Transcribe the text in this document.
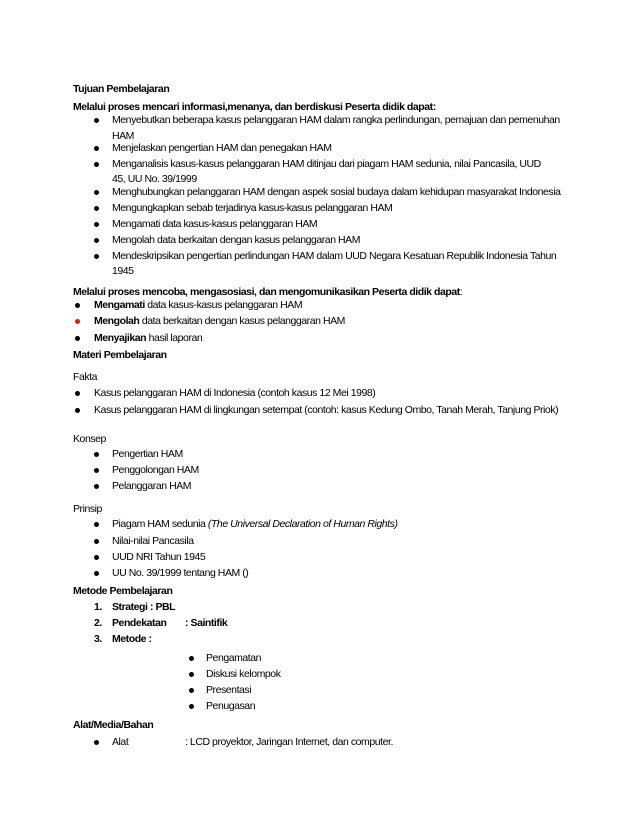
Tujuan Pembelajaran
Melalui proses mencari informasi,menanya, dan berdiskusi Peserta didik dapat:
Menyebutkan beberapa kasus pelanggaran HAM dalam rangka perlindungan, pemajuan dan pemenuhan
HAM
Menjelaskan pengertian HAM dan penegakan HAM
Menganalisis kasus-kasus pelanggaran HAM ditinjau dari piagam HAM sedunia, nilai Pancasila, UUD
45, UU No. 39/1999
Menghubungkan pelanggaran HAM dengan aspek sosial budaya dalam kehidupan masyarakat Indonesia
Mengungkapkan sebab terjadinya kasus-kasus pelanggaran HAM
Mengamati data kasus-kasus pelanggaran HAM
Mengolah data berkaitan dengan kasus pelanggaran HAM
Mendeskripsikan pengertian perlindungan HAM dalam UUD Negara Kesatuan Republik Indonesia Tahun
1945
Melalui proses mencoba, mengasosiasi, dan mengomunikasikan Peserta didik dapat:
Mengamati data kasus-kasus pelanggaran HAM
Mengolah data berkaitan dengan kasus pelanggaran HAM
Menyajikan hasil laporan
Materi Pembelajaran
Fakta
Kasus pelanggaran HAM di Indonesia (contoh kasus 12 Mei 1998)
Kasus pelanggaran HAM di lingkungan setempat (contoh: kasus Kedung Ombo, Tanah Merah, Tanjung Priok)
Konsep
Pengertian HAM
Penggolongan HAM
Pelanggaran HAM
Prinsip
Piagam HAM sedunia (The Universal Declaration of Human Rights)
Nilai-nilai Pancasila
UUD NRI Tahun 1945
UU No. 39/1999 tentang HAM ()
Metode Pembelajaran
1. Strategi : PBL
2. Pendekatan : Saintifik
3. Metode :
Pengamatan
Diskusi kelompok
Presentasi
Penugasan
Alat/Media/Bahan
Alat	: LCD proyektor, Jaringan Internet, dan computer.
